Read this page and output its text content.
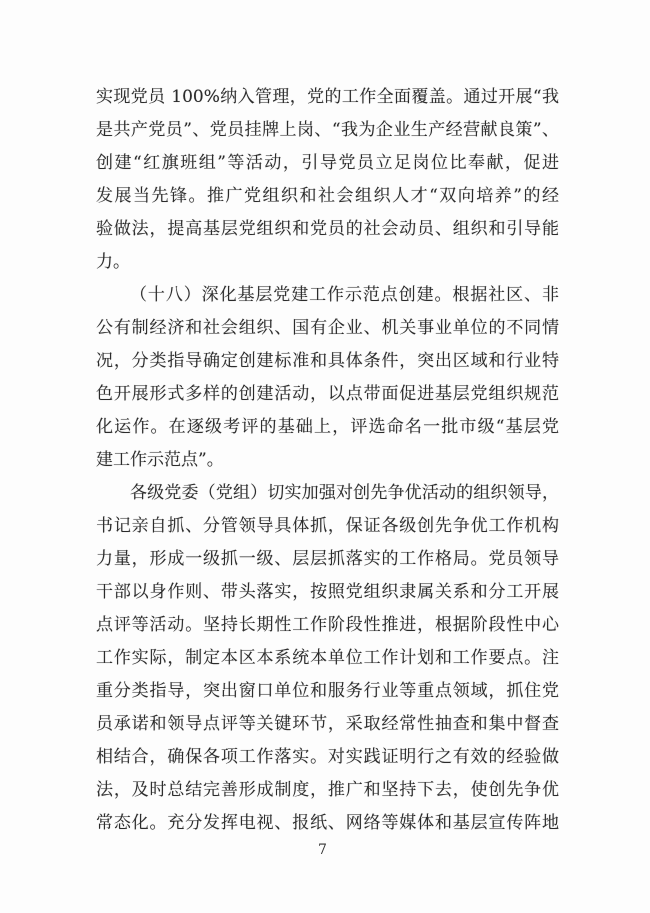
实现党员 100%纳入管理，党的工作全面覆盖。通过开展“我
是共产党员”、党员挂牌上岗、“我为企业生产经营献良策”、
创建“红旗班组”等活动，引导党员立足岗位比奉献，促进
发展当先锋。推广党组织和社会组织人才“双向培养”的经
验做法，提高基层党组织和党员的社会动员、组织和引导能
力。
（十八）深化基层党建工作示范点创建。根据社区、非
公有制经济和社会组织、国有企业、机关事业单位的不同情
况，分类指导确定创建标准和具体条件，突出区域和行业特
色开展形式多样的创建活动，以点带面促进基层党组织规范
化运作。在逐级考评的基础上，评选命名一批市级“基层党
建工作示范点”。
各级党委（党组）切实加强对创先争优活动的组织领导，
书记亲自抓、分管领导具体抓，保证各级创先争优工作机构
力量，形成一级抓一级、层层抓落实的工作格局。党员领导
干部以身作则、带头落实，按照党组织隶属关系和分工开展
点评等活动。坚持长期性工作阶段性推进，根据阶段性中心
工作实际，制定本区本系统本单位工作计划和工作要点。注
重分类指导，突出窗口单位和服务行业等重点领域，抓住党
员承诺和领导点评等关键环节，采取经常性抽查和集中督查
相结合，确保各项工作落实。对实践证明行之有效的经验做
法，及时总结完善形成制度，推广和坚持下去，使创先争优
常态化。充分发挥电视、报纸、网络等媒体和基层宣传阵地
7
